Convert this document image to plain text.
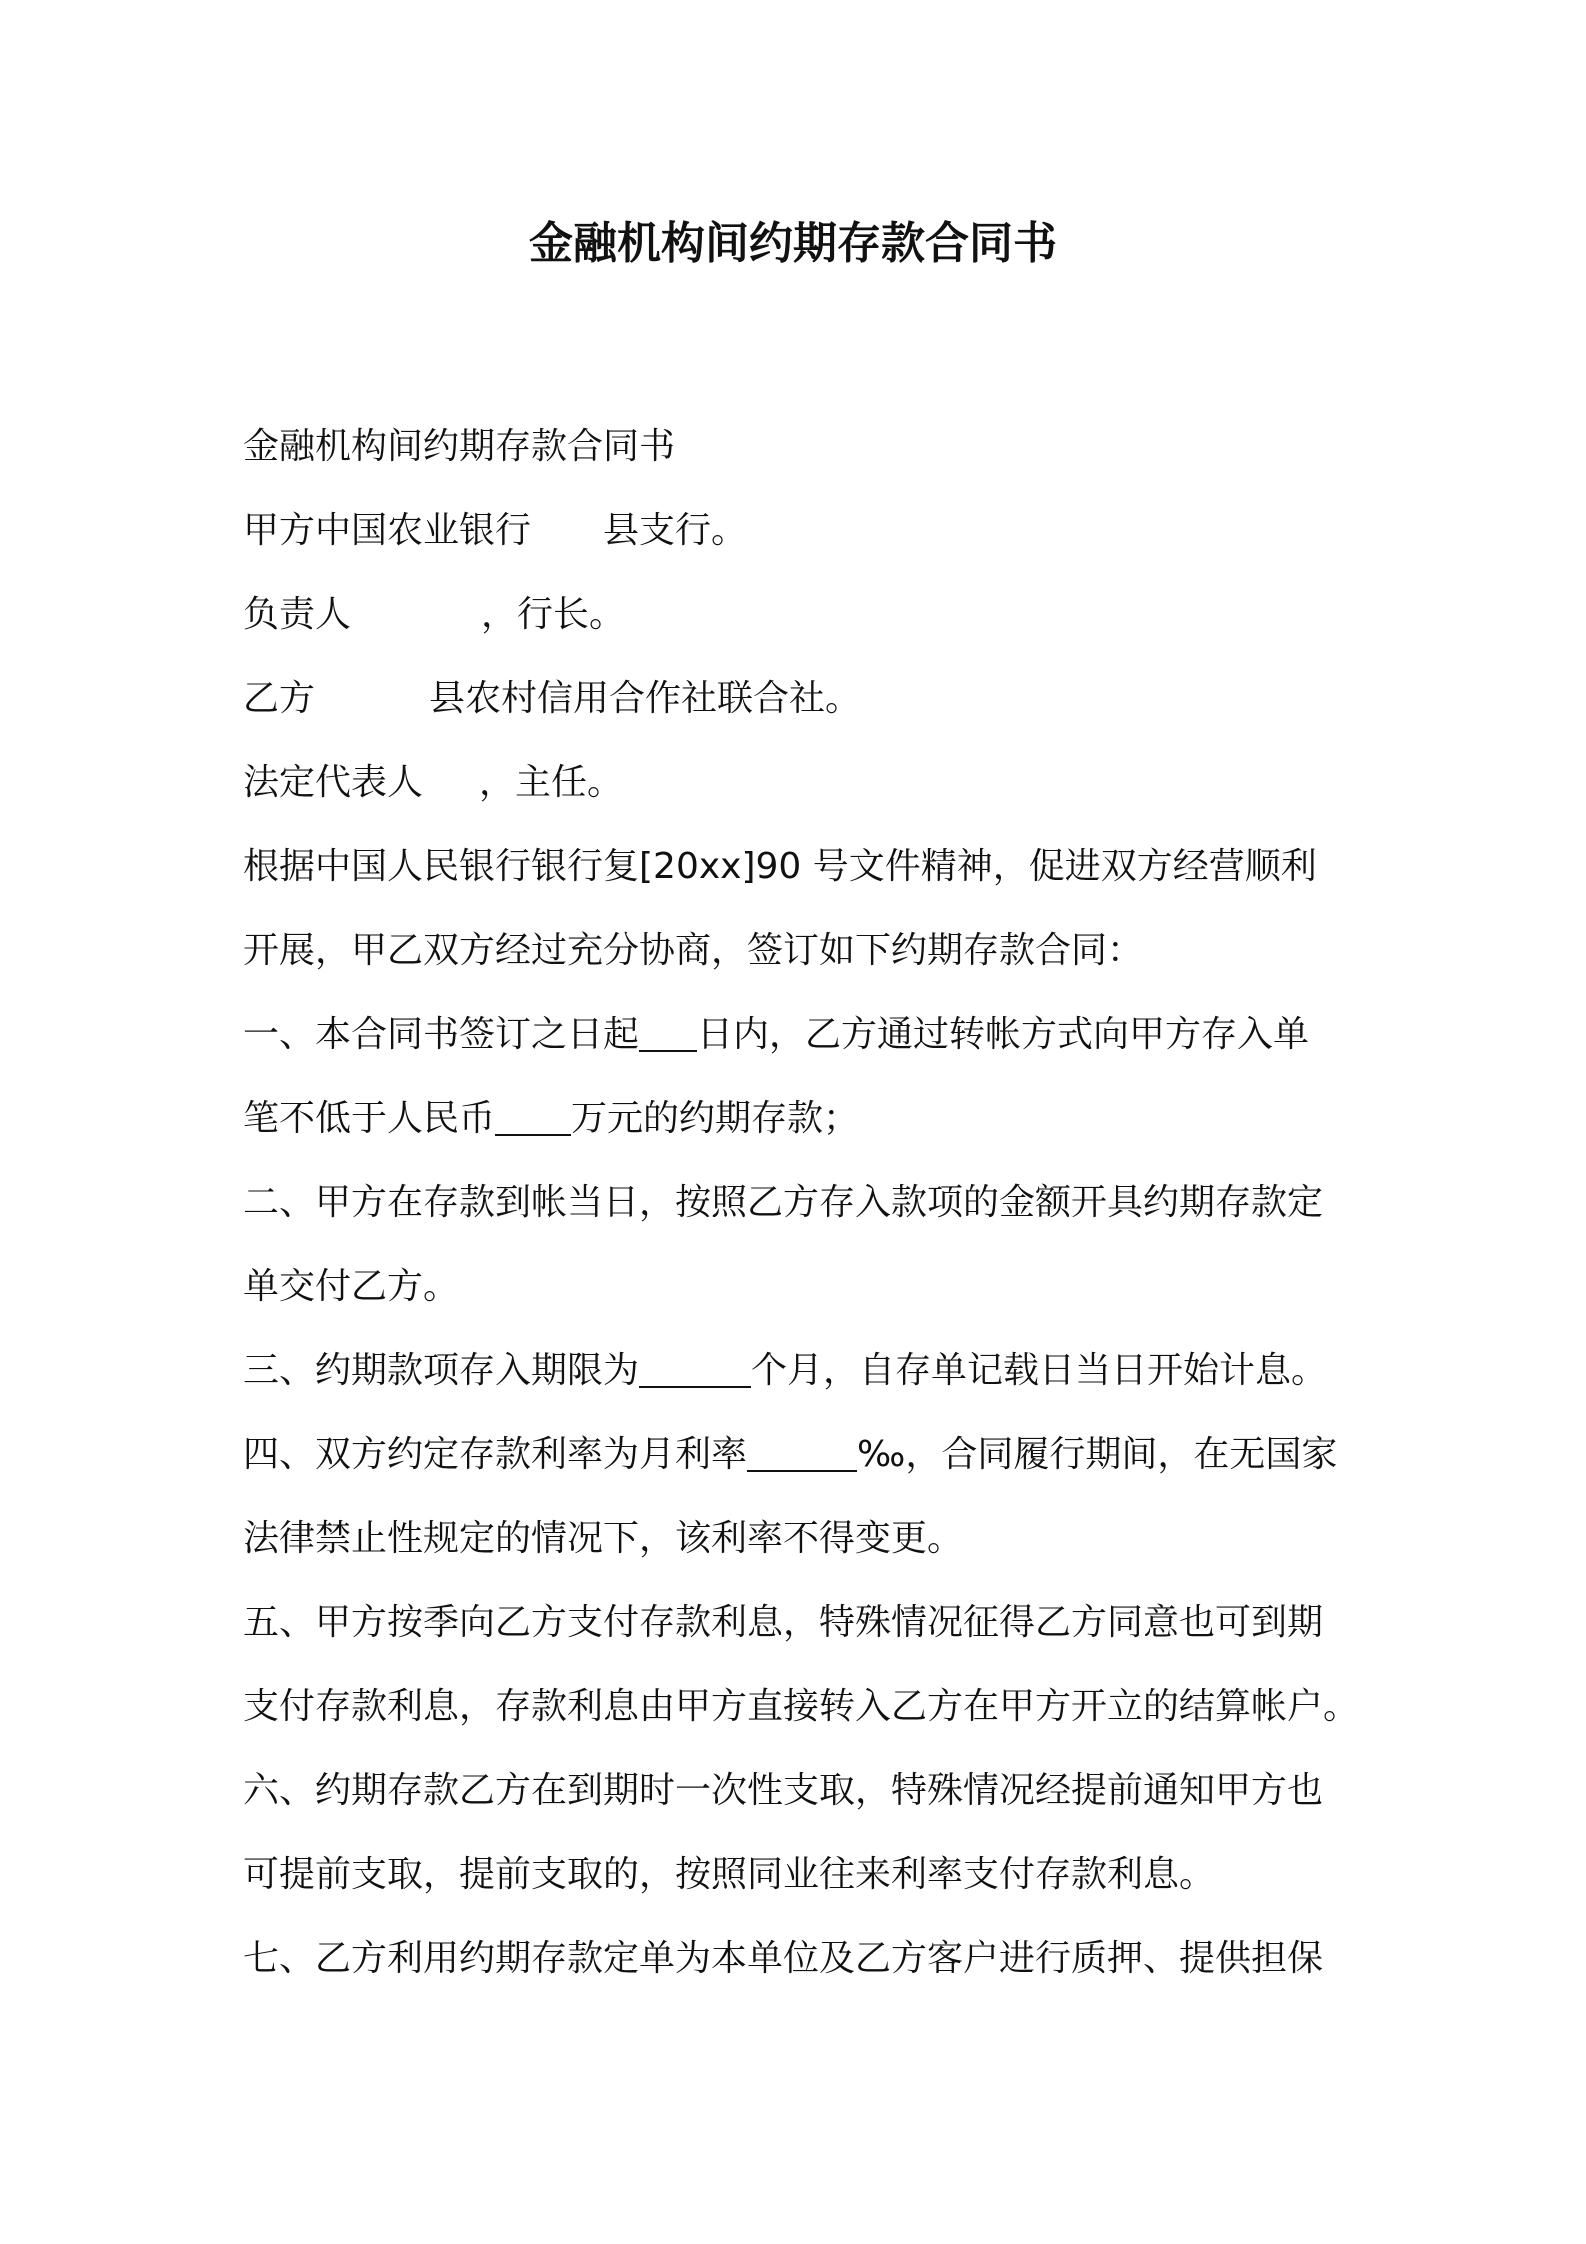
金融机构间约期存款合同书
金融机构间约期存款合同书
甲方中国农业银行 县支行。
负责人	，行长。
乙方	县农村信用合作社联合社。
法定代表人 ，主任。
根据中国人民银行银行复[20xx]90 号文件精神，促进双方经营顺利
开展，甲乙双方经过充分协商，签订如下约期存款合同：
一、本合同书签订之日起 日内，乙方通过转帐方式向甲方存入单
笔不低于人民币 万元的约期存款；
二、甲方在存款到帐当日，按照乙方存入款项的金额开具约期存款定
单交付乙方。
三、约期款项存入期限为	个月，自存单记载日当日开始计息。
四、双方约定存款利率为月利率	‰，合同履行期间，在无国家
法律禁止性规定的情况下，该利率不得变更。
五、甲方按季向乙方支付存款利息，特殊情况征得乙方同意也可到期
支付存款利息，存款利息由甲方直接转入乙方在甲方开立的结算帐户。
六、约期存款乙方在到期时一次性支取，特殊情况经提前通知甲方也
可提前支取，提前支取的，按照同业往来利率支付存款利息。
七、乙方利用约期存款定单为本单位及乙方客户进行质押、提供担保
